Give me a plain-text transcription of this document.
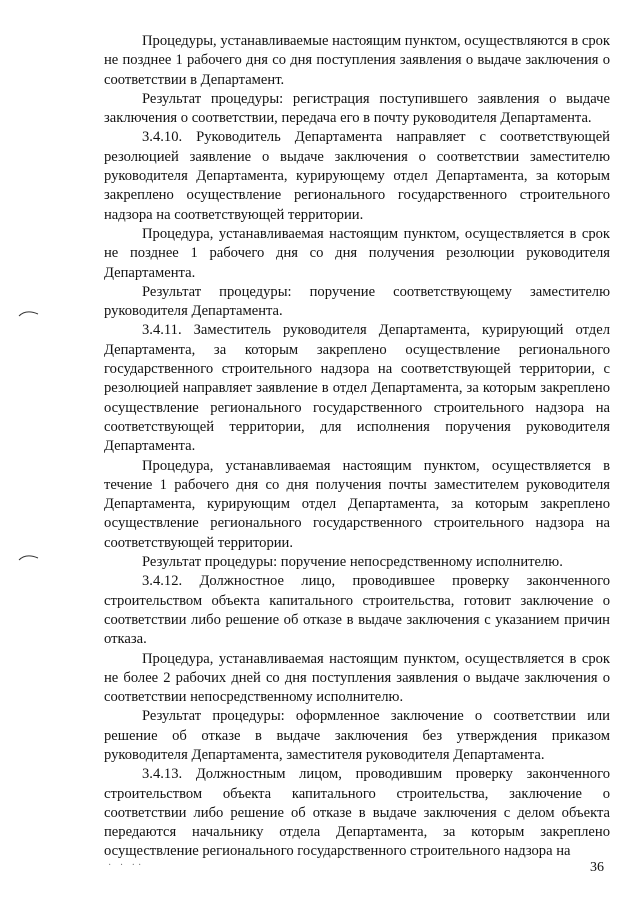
Процедуры, устанавливаемые настоящим пунктом, осуществляются в срок не позднее 1 рабочего дня со дня поступления заявления о выдаче заключения о соответствии в Департамент.

Результат процедуры: регистрация поступившего заявления о выдаче заключения о соответствии, передача его в почту руководителя Департамента.

3.4.10. Руководитель Департамента направляет с соответствующей резолюцией заявление о выдаче заключения о соответствии заместителю руководителя Департамента, курирующему отдел Департамента, за которым закреплено осуществление регионального государственного строительного надзора на соответствующей территории.

Процедура, устанавливаемая настоящим пунктом, осуществляется в срок не позднее 1 рабочего дня со дня получения резолюции руководителя Департамента.

Результат процедуры: поручение соответствующему заместителю руководителя Департамента.

3.4.11. Заместитель руководителя Департамента, курирующий отдел Департамента, за которым закреплено осуществление регионального государственного строительного надзора на соответствующей территории, с резолюцией направляет заявление в отдел Департамента, за которым закреплено осуществление регионального государственного строительного надзора на соответствующей территории, для исполнения поручения руководителя Департамента.

Процедура, устанавливаемая настоящим пунктом, осуществляется в течение 1 рабочего дня со дня получения почты заместителем руководителя Департамента, курирующим отдел Департамента, за которым закреплено осуществление регионального государственного строительного надзора на соответствующей территории.

Результат процедуры: поручение непосредственному исполнителю.

3.4.12. Должностное лицо, проводившее проверку законченного строительством объекта капитального строительства, готовит заключение о соответствии либо решение об отказе в выдаче заключения с указанием причин отказа.

Процедура, устанавливаемая настоящим пунктом, осуществляется в срок не более 2 рабочих дней со дня поступления заявления о выдаче заключения о соответствии непосредственному исполнителю.

Результат процедуры: оформленное заключение о соответствии или решение об отказе в выдаче заключения без утверждения приказом руководителя Департамента, заместителя руководителя Департамента.

3.4.13. Должностным лицом, проводившим проверку законченного строительством объекта капитального строительства, заключение о соответствии либо решение об отказе в выдаче заключения с делом объекта передаются начальнику отдела Департамента, за которым закреплено осуществление регионального государственного строительного надзора на

· · ··	36
